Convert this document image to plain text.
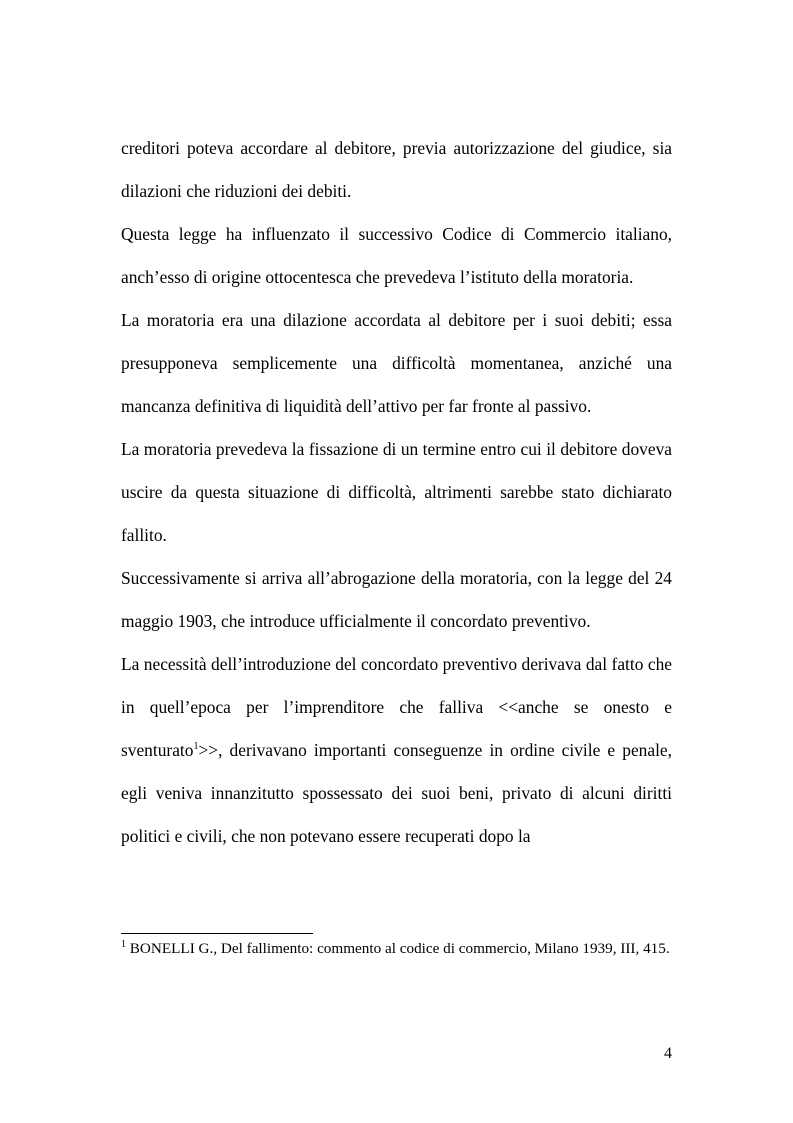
creditori poteva accordare al debitore, previa autorizzazione del giudice, sia dilazioni che riduzioni dei debiti.

Questa legge ha influenzato il successivo Codice di Commercio italiano, anch’esso di origine ottocentesca che prevedeva l’istituto della moratoria.

La moratoria era una dilazione accordata al debitore per i suoi debiti; essa presupponeva semplicemente una difficoltà momentanea, anziché una mancanza definitiva di liquidità dell’attivo per far fronte al passivo.

La moratoria prevedeva la fissazione di un termine entro cui il debitore doveva uscire da questa situazione di difficoltà, altrimenti sarebbe stato dichiarato fallito.

Successivamente si arriva all’abrogazione della moratoria, con la legge del 24 maggio 1903, che introduce ufficialmente il concordato preventivo.

La necessità dell’introduzione del concordato preventivo derivava dal fatto che in quell’epoca per l’imprenditore che falliva <<anche se onesto e sventurato$^1$>>, derivavano importanti conseguenze in ordine civile e penale, egli veniva innanzitutto spossessato dei suoi beni, privato di alcuni diritti politici e civili, che non potevano essere recuperati dopo la

$^1$ BONELLI G., Del fallimento: commento al codice di commercio, Milano 1939, III, 415.
4
